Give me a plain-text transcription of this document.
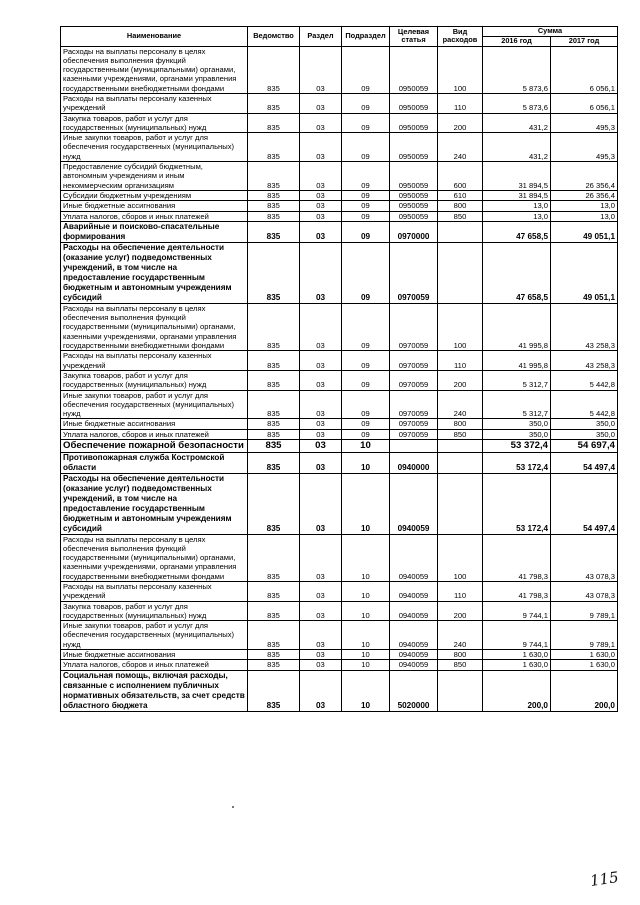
Наименование	Ведомство	Раздел	Подраздел	Целевая статья	Вид расходов	Сумма	
						2016 год	2017 год
Расходы на выплаты персоналу в целях обеспечения выполнения функций государственными (муниципальными) органами, казенными учреждениями, органами управления государственными внебюджетными фондами	835	03	09	0950059	100	5 873,6	6 056,1
Расходы на выплаты персоналу казенных учреждений	835	03	09	0950059	110	5 873,6	6 056,1
Закупка товаров, работ и услуг для государственных (муниципальных) нужд	835	03	09	0950059	200	431,2	495,3
Иные закупки товаров, работ и услуг для обеспечения государственных (муниципальных) нужд	835	03	09	0950059	240	431,2	495,3
Предоставление субсидий бюджетным, автономным учреждениям и иным некоммерческим организациям	835	03	09	0950059	600	31 894,5	26 356,4
Субсидии бюджетным учреждениям	835	03	09	0950059	610	31 894,5	26 356,4
Иные бюджетные ассигнования	835	03	09	0950059	800	13,0	13,0
Уплата налогов, сборов и иных платежей	835	03	09	0950059	850	13,0	13,0
Аварийные и поисково-спасательные формирования	835	03	09	0970000		47 658,5	49 051,1
Расходы на обеспечение деятельности (оказание услуг) подведомственных учреждений, в том числе на предоставление государственным бюджетным и автономным учреждениям субсидий	835	03	09	0970059		47 658,5	49 051,1
Расходы на выплаты персоналу в целях обеспечения выполнения функций государственными (муниципальными) органами, казенными учреждениями, органами управления государственными внебюджетными фондами	835	03	09	0970059	100	41 995,8	43 258,3
Расходы на выплаты персоналу казенных учреждений	835	03	09	0970059	110	41 995,8	43 258,3
Закупка товаров, работ и услуг для государственных (муниципальных) нужд	835	03	09	0970059	200	5 312,7	5 442,8
Иные закупки товаров, работ и услуг для обеспечения государственных (муниципальных) нужд	835	03	09	0970059	240	5 312,7	5 442,8
Иные бюджетные ассигнования	835	03	09	0970059	800	350,0	350,0
Уплата налогов, сборов и иных платежей	835	03	09	0970059	850	350,0	350,0
Обеспечение пожарной безопасности	835	03	10			53 372,4	54 697,4
Противопожарная служба Костромской области	835	03	10	0940000		53 172,4	54 497,4
Расходы на обеспечение деятельности (оказание услуг) подведомственных учреждений, в том числе на предоставление государственным бюджетным и автономным учреждениям субсидий	835	03	10	0940059		53 172,4	54 497,4
Расходы на выплаты персоналу в целях обеспечения выполнения функций государственными (муниципальными) органами, казенными учреждениями, органами управления государственными внебюджетными фондами	835	03	10	0940059	100	41 798,3	43 078,3
Расходы на выплаты персоналу казенных учреждений	835	03	10	0940059	110	41 798,3	43 078,3
Закупка товаров, работ и услуг для государственных (муниципальных) нужд	835	03	10	0940059	200	9 744,1	9 789,1
Иные закупки товаров, работ и услуг для обеспечения государственных (муниципальных) нужд	835	03	10	0940059	240	9 744,1	9 789,1
Иные бюджетные ассигнования	835	03	10	0940059	800	1 630,0	1 630,0
Уплата налогов, сборов и иных платежей	835	03	10	0940059	850	1 630,0	1 630,0
Социальная помощь, включая расходы, связанные с исполнением публичных нормативных обязательств, за счет средств областного бюджета	835	03	10	5020000		200,0	200,0
115
